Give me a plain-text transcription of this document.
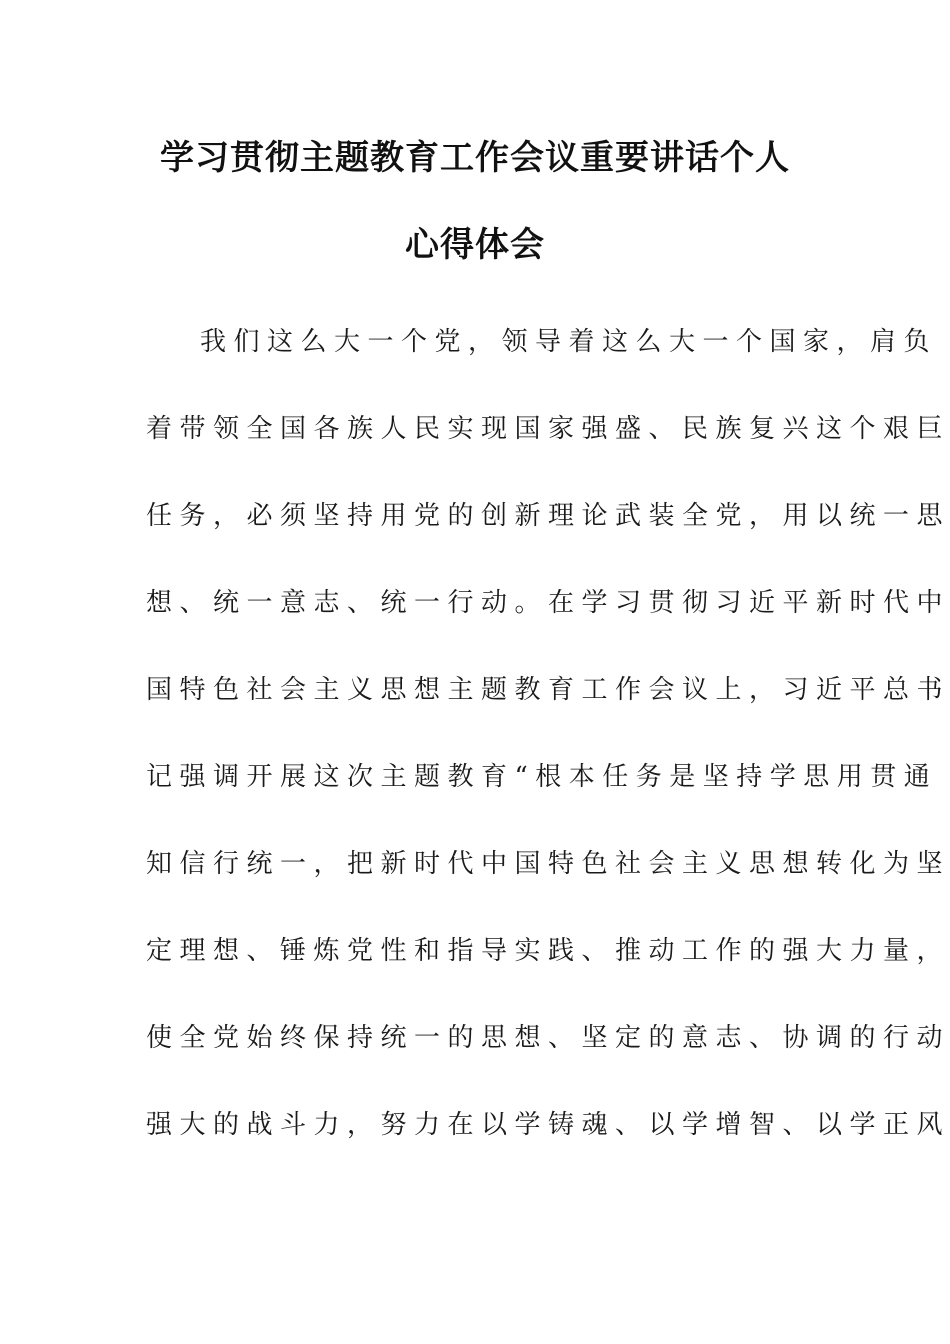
学习贯彻主题教育工作会议重要讲话个人
心得体会
我们这么大一个党，领导着这么大一个国家，肩负
着带领全国各族人民实现国家强盛、民族复兴这个艰巨
任务，必须坚持用党的创新理论武装全党，用以统一思
想、统一意志、统一行动。在学习贯彻习近平新时代中
国特色社会主义思想主题教育工作会议上，习近平总书
记强调开展这次主题教育“根本任务是坚持学思用贯通
知信行统一，把新时代中国特色社会主义思想转化为坚
定理想、锤炼党性和指导实践、推动工作的强大力量，
使全党始终保持统一的思想、坚定的意志、协调的行动
强大的战斗力，努力在以学铸魂、以学增智、以学正风
